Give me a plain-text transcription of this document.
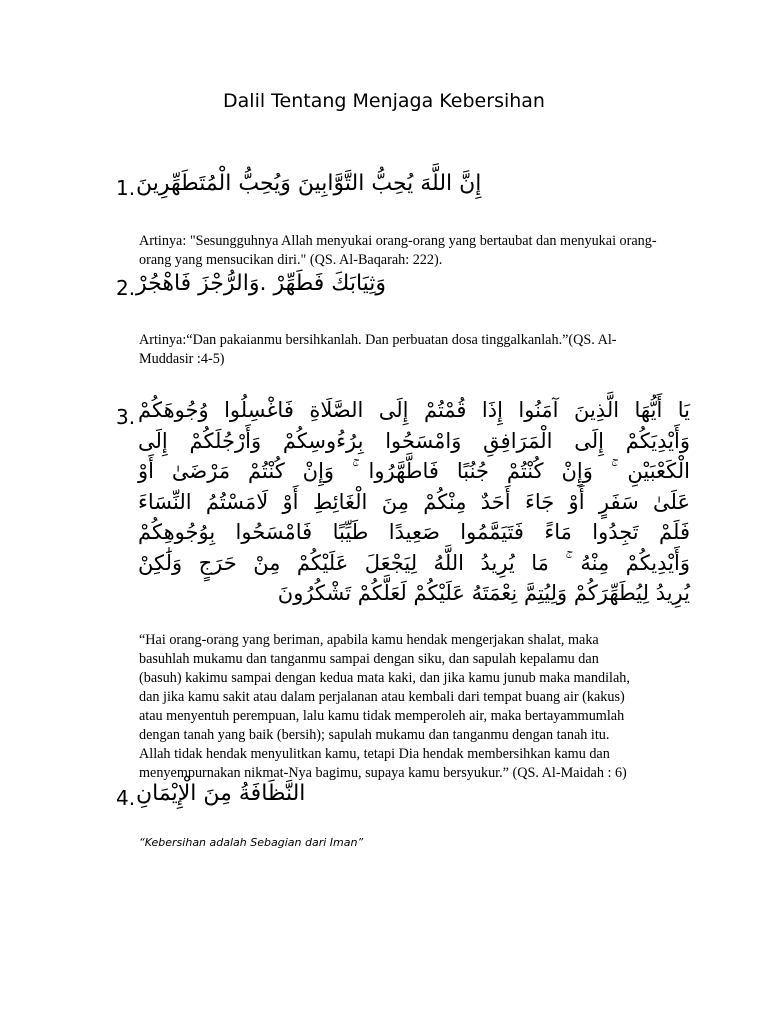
Dalil Tentang Menjaga Kebersihan
1. إِنَّ اللَّهَ يُحِبُّ التَّوَّابِينَ وَيُحِبُّ الْمُتَطَهِّرِينَ
Artinya: "Sesungguhnya Allah menyukai orang-orang yang bertaubat dan menyukai orang-orang yang mensucikan diri." (QS. Al-Baqarah: 222).
2. وَثِيَابَكَ فَطَهِّرْ .وَالرُّجْزَ فَاهْجُرْ
Artinya:“Dan pakaianmu bersihkanlah. Dan perbuatan dosa tinggalkanlah.”(QS. Al-Muddasir :4-5)
3. يَا أَيُّهَا الَّذِينَ آمَنُوا إِذَا قُمْتُمْ إِلَى الصَّلَاةِ فَاغْسِلُوا وُجُوهَكُمْ
وَأَيْدِيَكُمْ إِلَى الْمَرَافِقِ وَامْسَحُوا بِرُءُوسِكُمْ وَأَرْجُلَكُمْ إِلَى
الْكَعْبَيْنِ ۚ وَإِنْ كُنْتُمْ جُنُبًا فَاطَّهَّرُوا ۚ وَإِنْ كُنْتُمْ مَرْضَىٰ أَوْ
عَلَىٰ سَفَرٍ أَوْ جَاءَ أَحَدٌ مِنْكُمْ مِنَ الْغَائِطِ أَوْ لَامَسْتُمُ النِّسَاءَ
فَلَمْ تَجِدُوا مَاءً فَتَيَمَّمُوا صَعِيدًا طَيِّبًا فَامْسَحُوا بِوُجُوهِكُمْ
وَأَيْدِيكُمْ مِنْهُ ۚ مَا يُرِيدُ اللَّهُ لِيَجْعَلَ عَلَيْكُمْ مِنْ حَرَجٍ وَلَٰكِنْ
يُرِيدُ لِيُطَهِّرَكُمْ وَلِيُتِمَّ نِعْمَتَهُ عَلَيْكُمْ لَعَلَّكُمْ تَشْكُرُونَ
“Hai orang-orang yang beriman, apabila kamu hendak mengerjakan shalat, maka
basuhlah mukamu dan tanganmu sampai dengan siku, dan sapulah kepalamu dan
(basuh) kakimu sampai dengan kedua mata kaki, dan jika kamu junub maka mandilah,
dan jika kamu sakit atau dalam perjalanan atau kembali dari tempat buang air (kakus)
atau menyentuh perempuan, lalu kamu tidak memperoleh air, maka bertayammumlah
dengan tanah yang baik (bersih); sapulah mukamu dan tanganmu dengan tanah itu.
Allah tidak hendak menyulitkan kamu, tetapi Dia hendak membersihkan kamu dan
menyempurnakan nikmat-Nya bagimu, supaya kamu bersyukur.” (QS. Al-Maidah : 6)
4. النَّظَافَةُ مِنَ الْإِيْمَانِ
“Kebersihan adalah Sebagian dari Iman”
